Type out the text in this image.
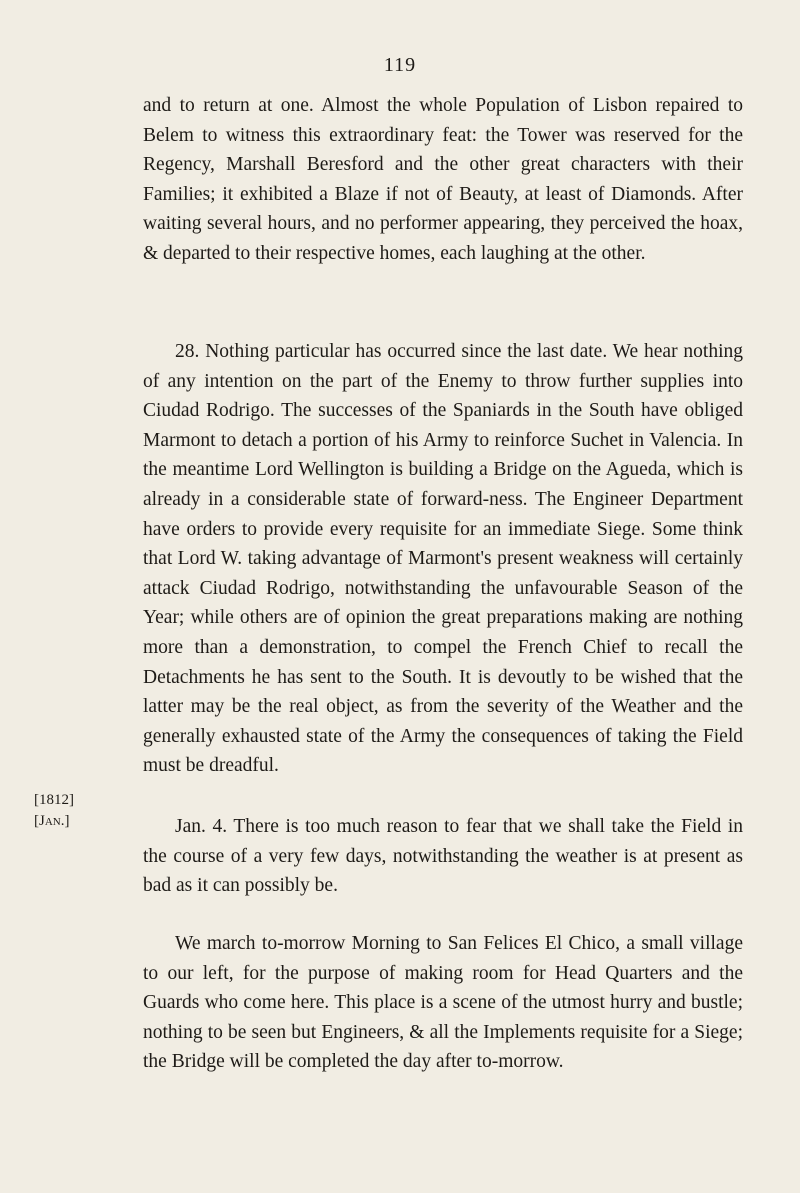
119

and to return at one. Almost the whole Population of Lisbon repaired to Belem to witness this extraordinary feat: the Tower was reserved for the Regency, Marshall Beresford and the other great characters with their Families; it exhibited a Blaze if not of Beauty, at least of Diamonds. After waiting several hours, and no performer appearing, they perceived the hoax, & departed to their respective homes, each laughing at the other.

28. Nothing particular has occurred since the last date. We hear nothing of any intention on the part of the Enemy to throw further supplies into Ciudad Rodrigo. The successes of the Spaniards in the South have obliged Marmont to detach a portion of his Army to reinforce Suchet in Valencia. In the meantime Lord Wellington is building a Bridge on the Agueda, which is already in a considerable state of forward-ness. The Engineer Department have orders to provide every requisite for an immediate Siege. Some think that Lord W. taking advantage of Marmont's present weakness will certainly attack Ciudad Rodrigo, notwithstanding the unfavourable Season of the Year; while others are of opinion the great preparations making are nothing more than a demonstration, to compel the French Chief to recall the Detachments he has sent to the South. It is devoutly to be wished that the latter may be the real object, as from the severity of the Weather and the generally exhausted state of the Army the consequences of taking the Field must be dreadful.

[1812]
[Jan.]	Jan. 4. There is too much reason to fear that we shall take the Field in the course of a very few days, notwithstanding the weather is at present as bad as it can possibly be.

We march to-morrow Morning to San Felices El Chico, a small village to our left, for the purpose of making room for Head Quarters and the Guards who come here. This place is a scene of the utmost hurry and bustle; nothing to be seen but Engineers, & all the Implements requisite for a Siege; the Bridge will be completed the day after to-morrow.
